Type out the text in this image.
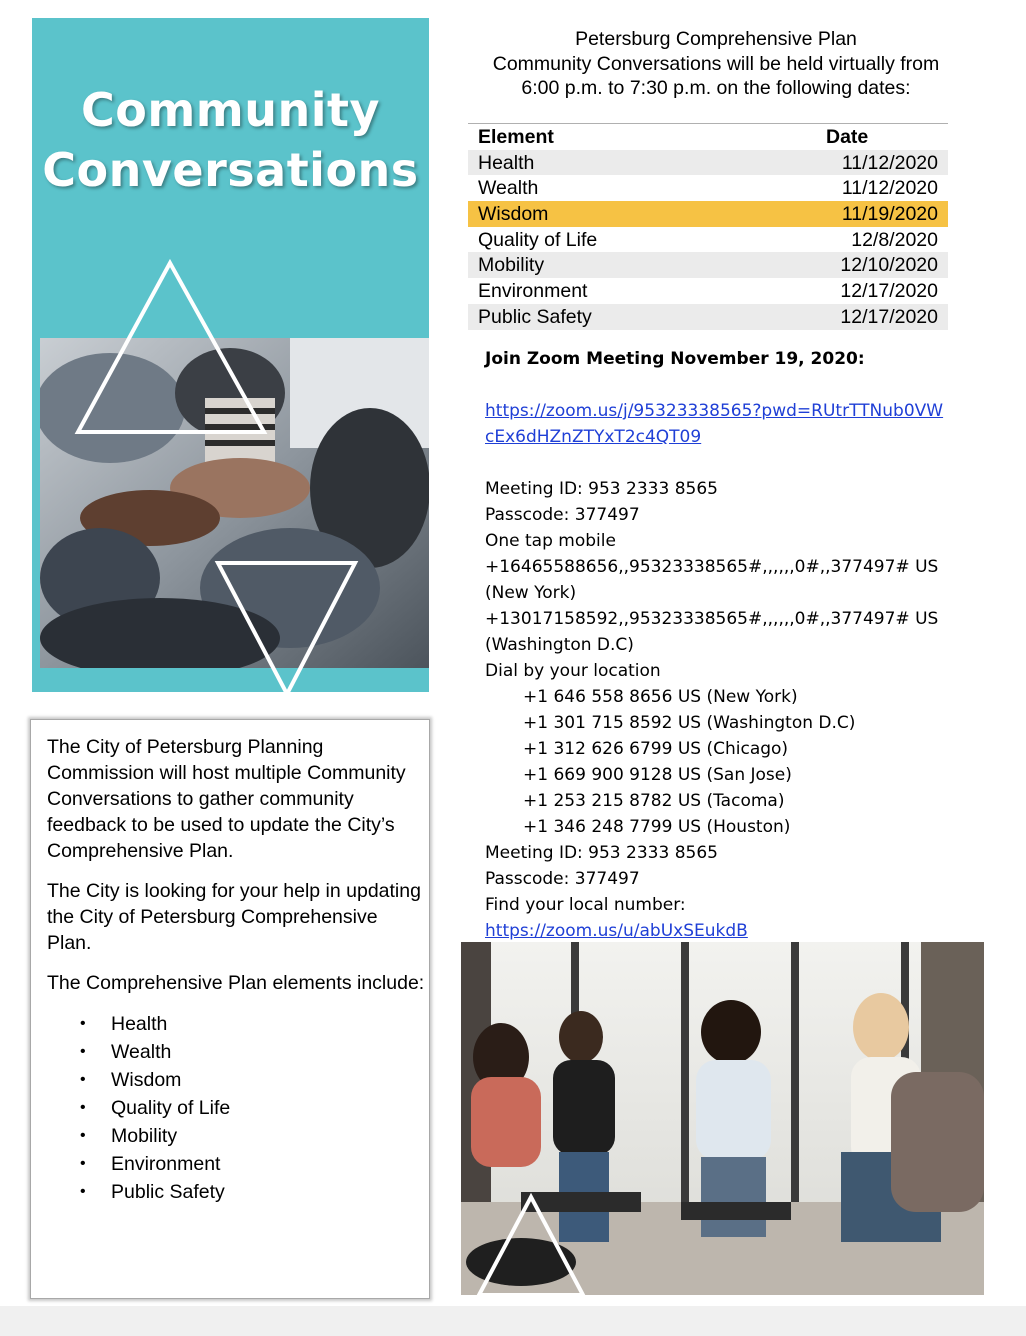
Community
Conversations

The City of Petersburg Planning Commission will host multiple Community Conversations to gather community feedback to be used to update the City’s Comprehensive Plan.

The City is looking for your help in updating the City of Petersburg Comprehensive Plan.

The Comprehensive Plan elements include:

• Health
• Wealth
• Wisdom
• Quality of Life
• Mobility
• Environment
• Public Safety
Petersburg Comprehensive Plan
Community Conversations will be held virtually from
6:00 p.m. to 7:30 p.m. on the following dates:
Element	Date
Health	11/12/2020
Wealth	11/12/2020
Wisdom	11/19/2020
Quality of Life	12/8/2020
Mobility	12/10/2020
Environment	12/17/2020
Public Safety	12/17/2020
Join Zoom Meeting November 19, 2020:
https://zoom.us/j/95323338565?pwd=RUtrTTNub0VW
cEx6dHZnZTYxT2c4QT09
Meeting ID: 953 2333 8565
Passcode: 377497
One tap mobile
+16465588656,,95323338565#,,,,,,0#,,377497# US
(New York)
+13017158592,,95323338565#,,,,,,0#,,377497# US
(Washington D.C)
Dial by your location
+1 646 558 8656 US (New York)
+1 301 715 8592 US (Washington D.C)
+1 312 626 6799 US (Chicago)
+1 669 900 9128 US (San Jose)
+1 253 215 8782 US (Tacoma)
+1 346 248 7799 US (Houston)
Meeting ID: 953 2333 8565
Passcode: 377497
Find your local number:
https://zoom.us/u/abUxSEukdB
